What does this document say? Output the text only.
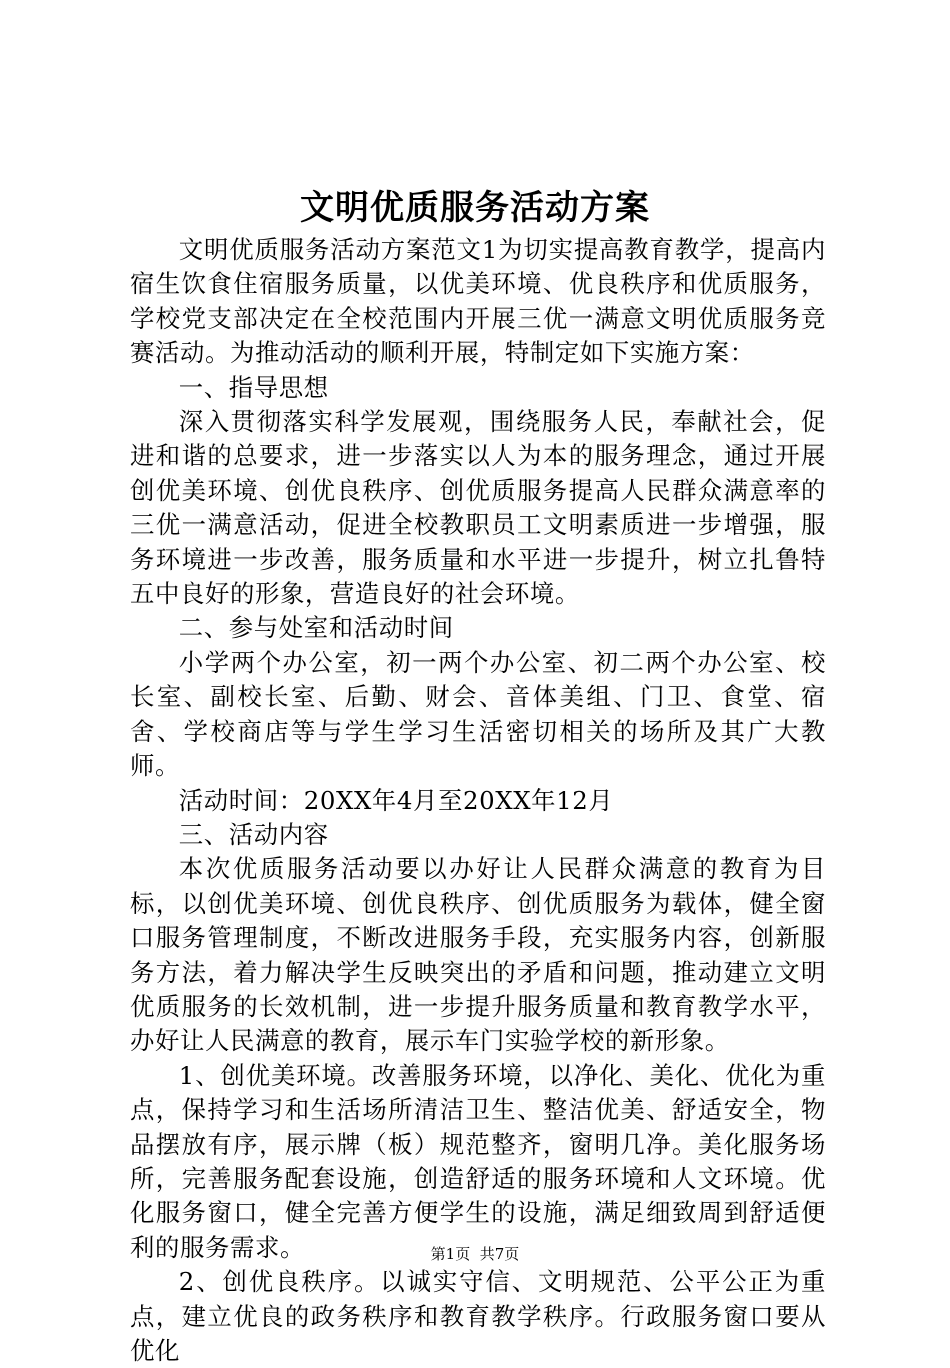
文明优质服务活动方案

文明优质服务活动方案范文1为切实提高教育教学，提高内宿生饮食住宿服务质量，以优美环境、优良秩序和优质服务，学校党支部决定在全校范围内开展三优一满意文明优质服务竞赛活动。为推动活动的顺利开展，特制定如下实施方案：

一、指导思想

深入贯彻落实科学发展观，围绕服务人民，奉献社会，促进和谐的总要求，进一步落实以人为本的服务理念，通过开展创优美环境、创优良秩序、创优质服务提高人民群众满意率的三优一满意活动，促进全校教职员工文明素质进一步增强，服务环境进一步改善，服务质量和水平进一步提升，树立扎鲁特五中良好的形象，营造良好的社会环境。

二、参与处室和活动时间

小学两个办公室，初一两个办公室、初二两个办公室、校长室、副校长室、后勤、财会、音体美组、门卫、食堂、宿舍、学校商店等与学生学习生活密切相关的场所及其广大教师。

活动时间：20XX年4月至20XX年12月

三、活动内容

本次优质服务活动要以办好让人民群众满意的教育为目标，以创优美环境、创优良秩序、创优质服务为载体，健全窗口服务管理制度，不断改进服务手段，充实服务内容，创新服务方法，着力解决学生反映突出的矛盾和问题，推动建立文明优质服务的长效机制，进一步提升服务质量和教育教学水平，办好让人民满意的教育，展示车门实验学校的新形象。

1、创优美环境。改善服务环境，以净化、美化、优化为重点，保持学习和生活场所清洁卫生、整洁优美、舒适安全，物品摆放有序，展示牌（板）规范整齐，窗明几净。美化服务场所，完善服务配套设施，创造舒适的服务环境和人文环境。优化服务窗口，健全完善方便学生的设施，满足细致周到舒适便利的服务需求。

2、创优良秩序。以诚实守信、文明规范、公平公正为重点，建立优良的政务秩序和教育教学秩序。行政服务窗口要从优化

第1页 共7页
